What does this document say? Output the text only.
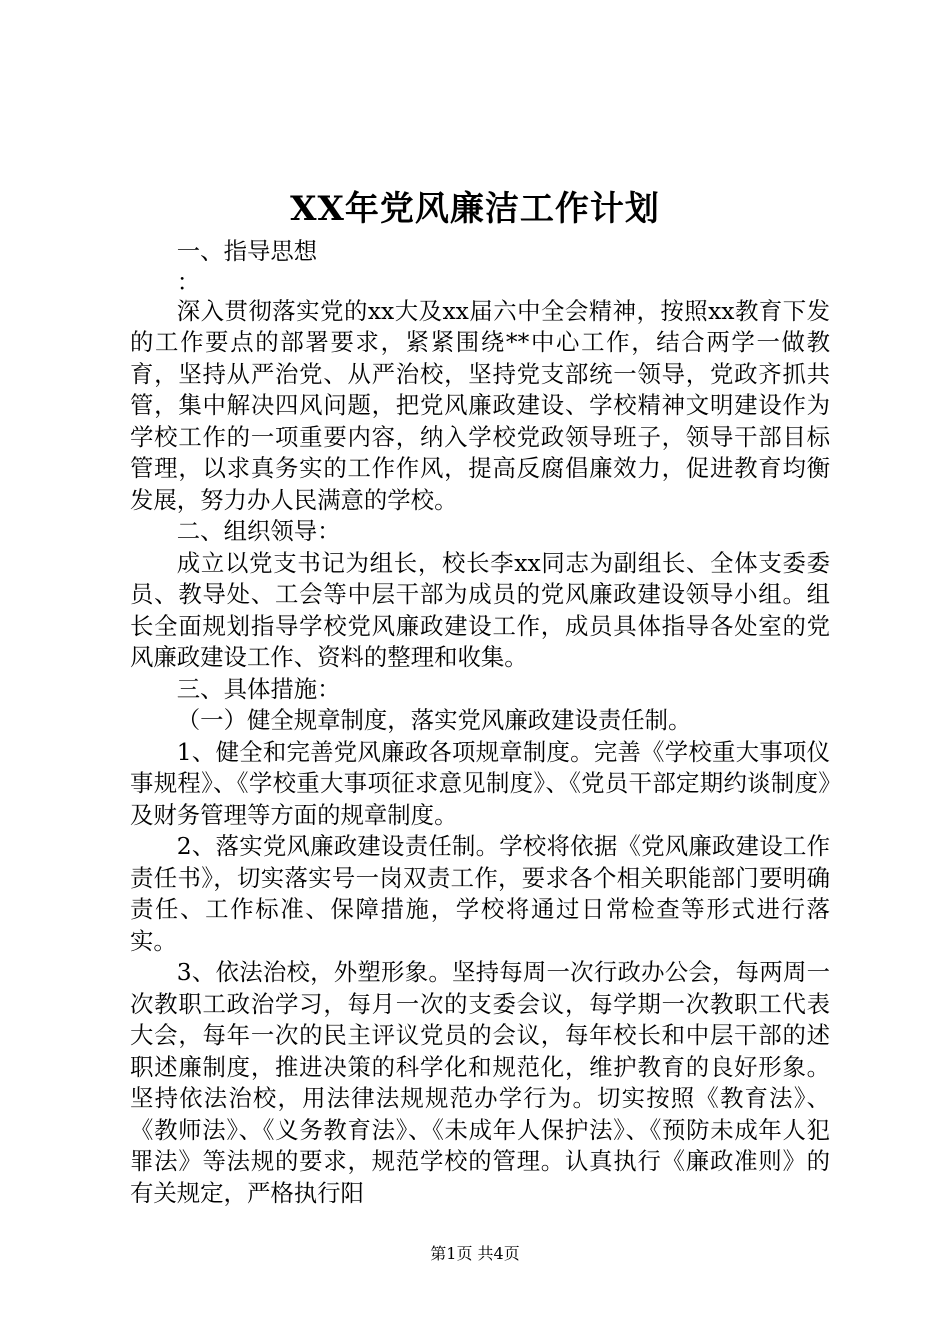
XX年党风廉洁工作计划

一、指导思想

：

深入贯彻落实党的xx大及xx届六中全会精神，按照xx教育下发的工作要点的部署要求，紧紧围绕**中心工作，结合两学一做教育，坚持从严治党、从严治校，坚持党支部统一领导，党政齐抓共管，集中解决四风问题，把党风廉政建设、学校精神文明建设作为学校工作的一项重要内容，纳入学校党政领导班子，领导干部目标管理，以求真务实的工作作风，提高反腐倡廉效力，促进教育均衡发展，努力办人民满意的学校。

二、组织领导：

成立以党支书记为组长，校长李xx同志为副组长、全体支委委员、教导处、工会等中层干部为成员的党风廉政建设领导小组。组长全面规划指导学校党风廉政建设工作，成员具体指导各处室的党风廉政建设工作、资料的整理和收集。

三、具体措施：

（一）健全规章制度，落实党风廉政建设责任制。

1、健全和完善党风廉政各项规章制度。完善《学校重大事项仪事规程》、《学校重大事项征求意见制度》、《党员干部定期约谈制度》及财务管理等方面的规章制度。

2、落实党风廉政建设责任制。学校将依据《党风廉政建设工作责任书》，切实落实号一岗双责工作，要求各个相关职能部门要明确责任、工作标准、保障措施，学校将通过日常检查等形式进行落实。

3、依法治校，外塑形象。坚持每周一次行政办公会，每两周一次教职工政治学习，每月一次的支委会议，每学期一次教职工代表大会，每年一次的民主评议党员的会议，每年校长和中层干部的述职述廉制度，推进决策的科学化和规范化，维护教育的良好形象。坚持依法治校，用法律法规规范办学行为。切实按照《教育法》、《教师法》、《义务教育法》、《未成年人保护法》、《预防未成年人犯罪法》等法规的要求，规范学校的管理。认真执行《廉政准则》的有关规定，严格执行阳

第1页 共4页
